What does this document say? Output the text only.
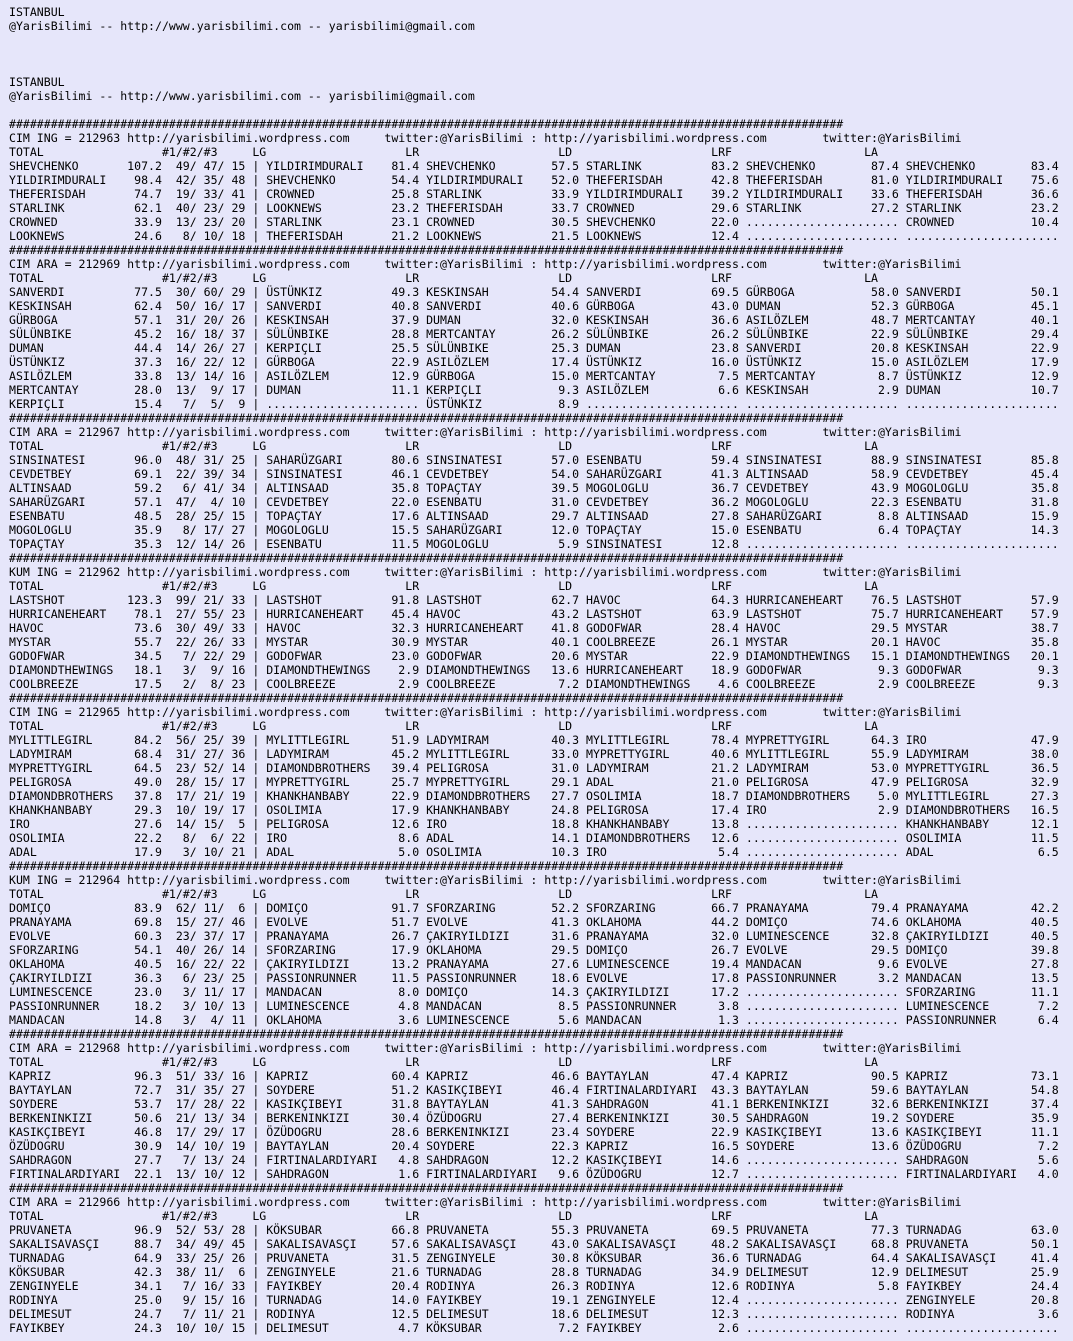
ISTANBUL
@YarisBilimi -- http://www.yarisbilimi.com -- yarisbilimi@gmail.com
ISTANBUL
@YarisBilimi -- http://www.yarisbilimi.com -- yarisbilimi@gmail.com
########################################################################################################################
CIM ING = 212963 http://yarisbilimi.wordpress.com     twitter:@YarisBilimi : http://yarisbilimi.wordpress.com        twitter:@YarisBilimi
TOTAL                 #1/#2/#3     LG                    LR                    LD                    LRF                   LA
SHEVCHENKO       107.2  49/ 47/ 15 | YILDIRIMDURALI    81.4 SHEVCHENKO        57.5 STARLINK          83.2 SHEVCHENKO        87.4 SHEVCHENKO        83.4
YILDIRIMDURALI    98.4  42/ 35/ 48 | SHEVCHENKO        54.4 YILDIRIMDURALI    52.0 THEFERISDAH       42.8 THEFERISDAH       81.0 YILDIRIMDURALI    75.6
THEFERISDAH       74.7  19/ 33/ 41 | CROWNED           25.8 STARLINK          33.9 YILDIRIMDURALI    39.2 YILDIRIMDURALI    33.6 THEFERISDAH       36.6
STARLINK          62.1  40/ 23/ 29 | LOOKNEWS          23.2 THEFERISDAH       33.7 CROWNED           29.6 STARLINK          27.2 STARLINK          23.2
CROWNED           33.9  13/ 23/ 20 | STARLINK          23.1 CROWNED           30.5 SHEVCHENKO        22.0 ...................... CROWNED           10.4
LOOKNEWS          24.6   8/ 10/ 18 | THEFERISDAH       21.2 LOOKNEWS          21.5 LOOKNEWS          12.4 ...................... ......................
########################################################################################################################
CIM ARA = 212969 http://yarisbilimi.wordpress.com     twitter:@YarisBilimi : http://yarisbilimi.wordpress.com        twitter:@YarisBilimi
TOTAL                 #1/#2/#3     LG                    LR                    LD                    LRF                   LA
SANVERDI          77.5  30/ 60/ 29 | ÜSTÜNKIZ          49.3 KESKINSAH         54.4 SANVERDI          69.5 GÜRBOGA           58.0 SANVERDI          50.1
KESKINSAH         62.4  50/ 16/ 17 | SANVERDI          40.8 SANVERDI          40.6 GÜRBOGA           43.0 DUMAN             52.3 GÜRBOGA           45.1
GÜRBOGA           57.1  31/ 20/ 26 | KESKINSAH         37.9 DUMAN             32.0 KESKINSAH         36.6 ASILÖZLEM         48.7 MERTCANTAY        40.1
SÜLÜNBIKE         45.2  16/ 18/ 37 | SÜLÜNBIKE         28.8 MERTCANTAY        26.2 SÜLÜNBIKE         26.2 SÜLÜNBIKE         22.9 SÜLÜNBIKE         29.4
DUMAN             44.4  14/ 26/ 27 | KERPIÇLI          25.5 SÜLÜNBIKE         25.3 DUMAN             23.8 SANVERDI          20.8 KESKINSAH         22.9
ÜSTÜNKIZ          37.3  16/ 22/ 12 | GÜRBOGA           22.9 ASILÖZLEM         17.4 ÜSTÜNKIZ          16.0 ÜSTÜNKIZ          15.0 ASILÖZLEM         17.9
ASILÖZLEM         33.8  13/ 14/ 16 | ASILÖZLEM         12.9 GÜRBOGA           15.0 MERTCANTAY         7.5 MERTCANTAY         8.7 ÜSTÜNKIZ          12.9
MERTCANTAY        28.0  13/  9/ 17 | DUMAN             11.1 KERPIÇLI           9.3 ASILÖZLEM          6.6 KESKINSAH          2.9 DUMAN             10.7
KERPIÇLI          15.4   7/  5/  9 | ...................... ÜSTÜNKIZ           8.9 ...................... ...................... ......................
########################################################################################################################
CIM ARA = 212967 http://yarisbilimi.wordpress.com     twitter:@YarisBilimi : http://yarisbilimi.wordpress.com        twitter:@YarisBilimi
TOTAL                 #1/#2/#3     LG                    LR                    LD                    LRF                   LA
SINSINATESI       96.0  48/ 31/ 25 | SAHARÜZGARI       80.6 SINSINATESI       57.0 ESENBATU          59.4 SINSINATESI       88.9 SINSINATESI       85.8
CEVDETBEY         69.1  22/ 39/ 34 | SINSINATESI       46.1 CEVDETBEY         54.0 SAHARÜZGARI       41.3 ALTINSAAD         58.9 CEVDETBEY         45.4
ALTINSAAD         59.2   6/ 41/ 34 | ALTINSAAD         35.8 TOPAÇTAY          39.5 MOGOLOGLU         36.7 CEVDETBEY         43.9 MOGOLOGLU         35.8
SAHARÜZGARI       57.1  47/  4/ 10 | CEVDETBEY         22.0 ESENBATU          31.0 CEVDETBEY         36.2 MOGOLOGLU         22.3 ESENBATU          31.8
ESENBATU          48.5  28/ 25/ 15 | TOPAÇTAY          17.6 ALTINSAAD         29.7 ALTINSAAD         27.8 SAHARÜZGARI        8.8 ALTINSAAD         15.9
MOGOLOGLU         35.9   8/ 17/ 27 | MOGOLOGLU         15.5 SAHARÜZGARI       12.0 TOPAÇTAY          15.0 ESENBATU           6.4 TOPAÇTAY          14.3
TOPAÇTAY          35.3  12/ 14/ 26 | ESENBATU          11.5 MOGOLOGLU          5.9 SINSINATESI       12.8 ...................... ......................
########################################################################################################################
KUM ING = 212962 http://yarisbilimi.wordpress.com     twitter:@YarisBilimi : http://yarisbilimi.wordpress.com        twitter:@YarisBilimi
TOTAL                 #1/#2/#3     LG                    LR                    LD                    LRF                   LA
LASTSHOT         123.3  99/ 21/ 33 | LASTSHOT          91.8 LASTSHOT          62.7 HAVOC             64.3 HURRICANEHEART    76.5 LASTSHOT          57.9
HURRICANEHEART    78.1  27/ 55/ 23 | HURRICANEHEART    45.4 HAVOC             43.2 LASTSHOT          63.9 LASTSHOT          75.7 HURRICANEHEART    57.9
HAVOC             73.6  30/ 49/ 33 | HAVOC             32.3 HURRICANEHEART    41.8 GODOFWAR          28.4 HAVOC             29.5 MYSTAR            38.7
MYSTAR            55.7  22/ 26/ 33 | MYSTAR            30.9 MYSTAR            40.1 COOLBREEZE        26.1 MYSTAR            20.1 HAVOC             35.8
GODOFWAR          34.5   7/ 22/ 29 | GODOFWAR          23.0 GODOFWAR          20.6 MYSTAR            22.9 DIAMONDTHEWINGS   15.1 DIAMONDTHEWINGS   20.1
DIAMONDTHEWINGS   18.1   3/  9/ 16 | DIAMONDTHEWINGS    2.9 DIAMONDTHEWINGS   13.6 HURRICANEHEART    18.9 GODOFWAR           9.3 GODOFWAR           9.3
COOLBREEZE        17.5   2/  8/ 23 | COOLBREEZE         2.9 COOLBREEZE         7.2 DIAMONDTHEWINGS    4.6 COOLBREEZE         2.9 COOLBREEZE         9.3
########################################################################################################################
CIM ING = 212965 http://yarisbilimi.wordpress.com     twitter:@YarisBilimi : http://yarisbilimi.wordpress.com        twitter:@YarisBilimi
TOTAL                 #1/#2/#3     LG                    LR                    LD                    LRF                   LA
MYLITTLEGIRL      84.2  56/ 25/ 39 | MYLITTLEGIRL      51.9 LADYMIRAM         40.3 MYLITTLEGIRL      78.4 MYPRETTYGIRL      64.3 IRO               47.9
LADYMIRAM         68.4  31/ 27/ 36 | LADYMIRAM         45.2 MYLITTLEGIRL      33.0 MYPRETTYGIRL      40.6 MYLITTLEGIRL      55.9 LADYMIRAM         38.0
MYPRETTYGIRL      64.5  23/ 52/ 14 | DIAMONDBROTHERS   39.4 PELIGROSA         31.0 LADYMIRAM         21.2 LADYMIRAM         53.0 MYPRETTYGIRL      36.5
PELIGROSA         49.0  28/ 15/ 17 | MYPRETTYGIRL      25.7 MYPRETTYGIRL      29.1 ADAL              21.0 PELIGROSA         47.9 PELIGROSA         32.9
DIAMONDBROTHERS   37.8  17/ 21/ 19 | KHANKHANBABY      22.9 DIAMONDBROTHERS   27.7 OSOLIMIA          18.7 DIAMONDBROTHERS    5.0 MYLITTLEGIRL      27.3
KHANKHANBABY      29.3  10/ 19/ 17 | OSOLIMIA          17.9 KHANKHANBABY      24.8 PELIGROSA         17.4 IRO                2.9 DIAMONDBROTHERS   16.5
IRO               27.6  14/ 15/  5 | PELIGROSA         12.6 IRO               18.8 KHANKHANBABY      13.8 ...................... KHANKHANBABY      12.1
OSOLIMIA          22.2   8/  6/ 22 | IRO                8.6 ADAL              14.1 DIAMONDBROTHERS   12.6 ...................... OSOLIMIA          11.5
ADAL              17.9   3/ 10/ 21 | ADAL               5.0 OSOLIMIA          10.3 IRO                5.4 ...................... ADAL               6.5
########################################################################################################################
KUM ING = 212964 http://yarisbilimi.wordpress.com     twitter:@YarisBilimi : http://yarisbilimi.wordpress.com        twitter:@YarisBilimi
TOTAL                 #1/#2/#3     LG                    LR                    LD                    LRF                   LA
DOMIÇO            83.9  62/ 11/  6 | DOMIÇO            91.7 SFORZARING        52.2 SFORZARING        66.7 PRANAYAMA         79.4 PRANAYAMA         42.2
PRANAYAMA         69.8  15/ 27/ 46 | EVOLVE            51.7 EVOLVE            41.3 OKLAHOMA          44.2 DOMIÇO            74.6 OKLAHOMA          40.5
EVOLVE            60.3  23/ 37/ 17 | PRANAYAMA         26.7 ÇAKIRYILDIZI      31.6 PRANAYAMA         32.0 LUMINESCENCE      32.8 ÇAKIRYILDIZI      40.5
SFORZARING        54.1  40/ 26/ 14 | SFORZARING        17.9 OKLAHOMA          29.5 DOMIÇO            26.7 EVOLVE            29.5 DOMIÇO            39.8
OKLAHOMA          40.5  16/ 22/ 22 | ÇAKIRYILDIZI      13.2 PRANAYAMA         27.6 LUMINESCENCE      19.4 MANDACAN           9.6 EVOLVE            27.8
ÇAKIRYILDIZI      36.3   6/ 23/ 25 | PASSIONRUNNER     11.5 PASSIONRUNNER     18.6 EVOLVE            17.8 PASSIONRUNNER      3.2 MANDACAN          13.5
LUMINESCENCE      23.0   3/ 11/ 17 | MANDACAN           8.0 DOMIÇO            14.3 ÇAKIRYILDIZI      17.2 ...................... SFORZARING        11.1
PASSIONRUNNER     18.2   3/ 10/ 13 | LUMINESCENCE       4.8 MANDACAN           8.5 PASSIONRUNNER      3.8 ...................... LUMINESCENCE       7.2
MANDACAN          14.8   3/  4/ 11 | OKLAHOMA           3.6 LUMINESCENCE       5.6 MANDACAN           1.3 ...................... PASSIONRUNNER      6.4
########################################################################################################################
CIM ARA = 212968 http://yarisbilimi.wordpress.com     twitter:@YarisBilimi : http://yarisbilimi.wordpress.com        twitter:@YarisBilimi
TOTAL                 #1/#2/#3     LG                    LR                    LD                    LRF                   LA
KAPRIZ            96.3  51/ 33/ 16 | KAPRIZ            60.4 KAPRIZ            46.6 BAYTAYLAN         47.4 KAPRIZ            90.5 KAPRIZ            73.1
BAYTAYLAN         72.7  31/ 35/ 27 | SOYDERE           51.2 KASIKÇIBEYI       46.4 FIRTINALARDIYARI  43.3 BAYTAYLAN         59.6 BAYTAYLAN         54.8
SOYDERE           53.7  17/ 28/ 22 | KASIKÇIBEYI       31.8 BAYTAYLAN         41.3 SAHDRAGON         41.1 BERKENINKIZI      32.6 BERKENINKIZI      37.4
BERKENINKIZI      50.6  21/ 13/ 34 | BERKENINKIZI      30.4 ÖZÜDOGRU          27.4 BERKENINKIZI      30.5 SAHDRAGON         19.2 SOYDERE           35.9
KASIKÇIBEYI       46.8  17/ 29/ 17 | ÖZÜDOGRU          28.6 BERKENINKIZI      23.4 SOYDERE           22.9 KASIKÇIBEYI       13.6 KASIKÇIBEYI       11.1
ÖZÜDOGRU          30.9  14/ 10/ 19 | BAYTAYLAN         20.4 SOYDERE           22.3 KAPRIZ            16.5 SOYDERE           13.6 ÖZÜDOGRU           7.2
SAHDRAGON         27.7   7/ 13/ 24 | FIRTINALARDIYARI   4.8 SAHDRAGON         12.2 KASIKÇIBEYI       14.6 ...................... SAHDRAGON          5.6
FIRTINALARDIYARI  22.1  13/ 10/ 12 | SAHDRAGON          1.6 FIRTINALARDIYARI   9.6 ÖZÜDOGRU          12.7 ...................... FIRTINALARDIYARI   4.0
########################################################################################################################
CIM ARA = 212966 http://yarisbilimi.wordpress.com     twitter:@YarisBilimi : http://yarisbilimi.wordpress.com        twitter:@YarisBilimi
TOTAL                 #1/#2/#3     LG                    LR                    LD                    LRF                   LA
PRUVANETA         96.9  52/ 53/ 28 | KÖKSUBAR          66.8 PRUVANETA         55.3 PRUVANETA         69.5 PRUVANETA         77.3 TURNADAG          63.0
SAKALISAVASÇI     88.7  34/ 49/ 45 | SAKALISAVASÇI     57.6 SAKALISAVASÇI     43.0 SAKALISAVASÇI     48.2 SAKALISAVASÇI     68.8 PRUVANETA         50.1
TURNADAG          64.9  33/ 25/ 26 | PRUVANETA         31.5 ZENGINYELE        30.8 KÖKSUBAR          36.6 TURNADAG          64.4 SAKALISAVASÇI     41.4
KÖKSUBAR          42.3  38/ 11/  6 | ZENGINYELE        21.6 TURNADAG          28.8 TURNADAG          34.9 DELIMESUT         12.9 DELIMESUT         25.9
ZENGINYELE        34.1   7/ 16/ 33 | FAYIKBEY          20.4 RODINYA           26.3 RODINYA           12.6 RODINYA            5.8 FAYIKBEY          24.4
RODINYA           25.0   9/ 15/ 16 | TURNADAG          14.0 FAYIKBEY          19.1 ZENGINYELE        12.4 ...................... ZENGINYELE        20.8
DELIMESUT         24.7   7/ 11/ 21 | RODINYA           12.5 DELIMESUT         18.6 DELIMESUT         12.3 ...................... RODINYA            3.6
FAYIKBEY          24.3  10/ 10/ 15 | DELIMESUT          4.7 KÖKSUBAR           7.2 FAYIKBEY           2.6 ...................... ......................
